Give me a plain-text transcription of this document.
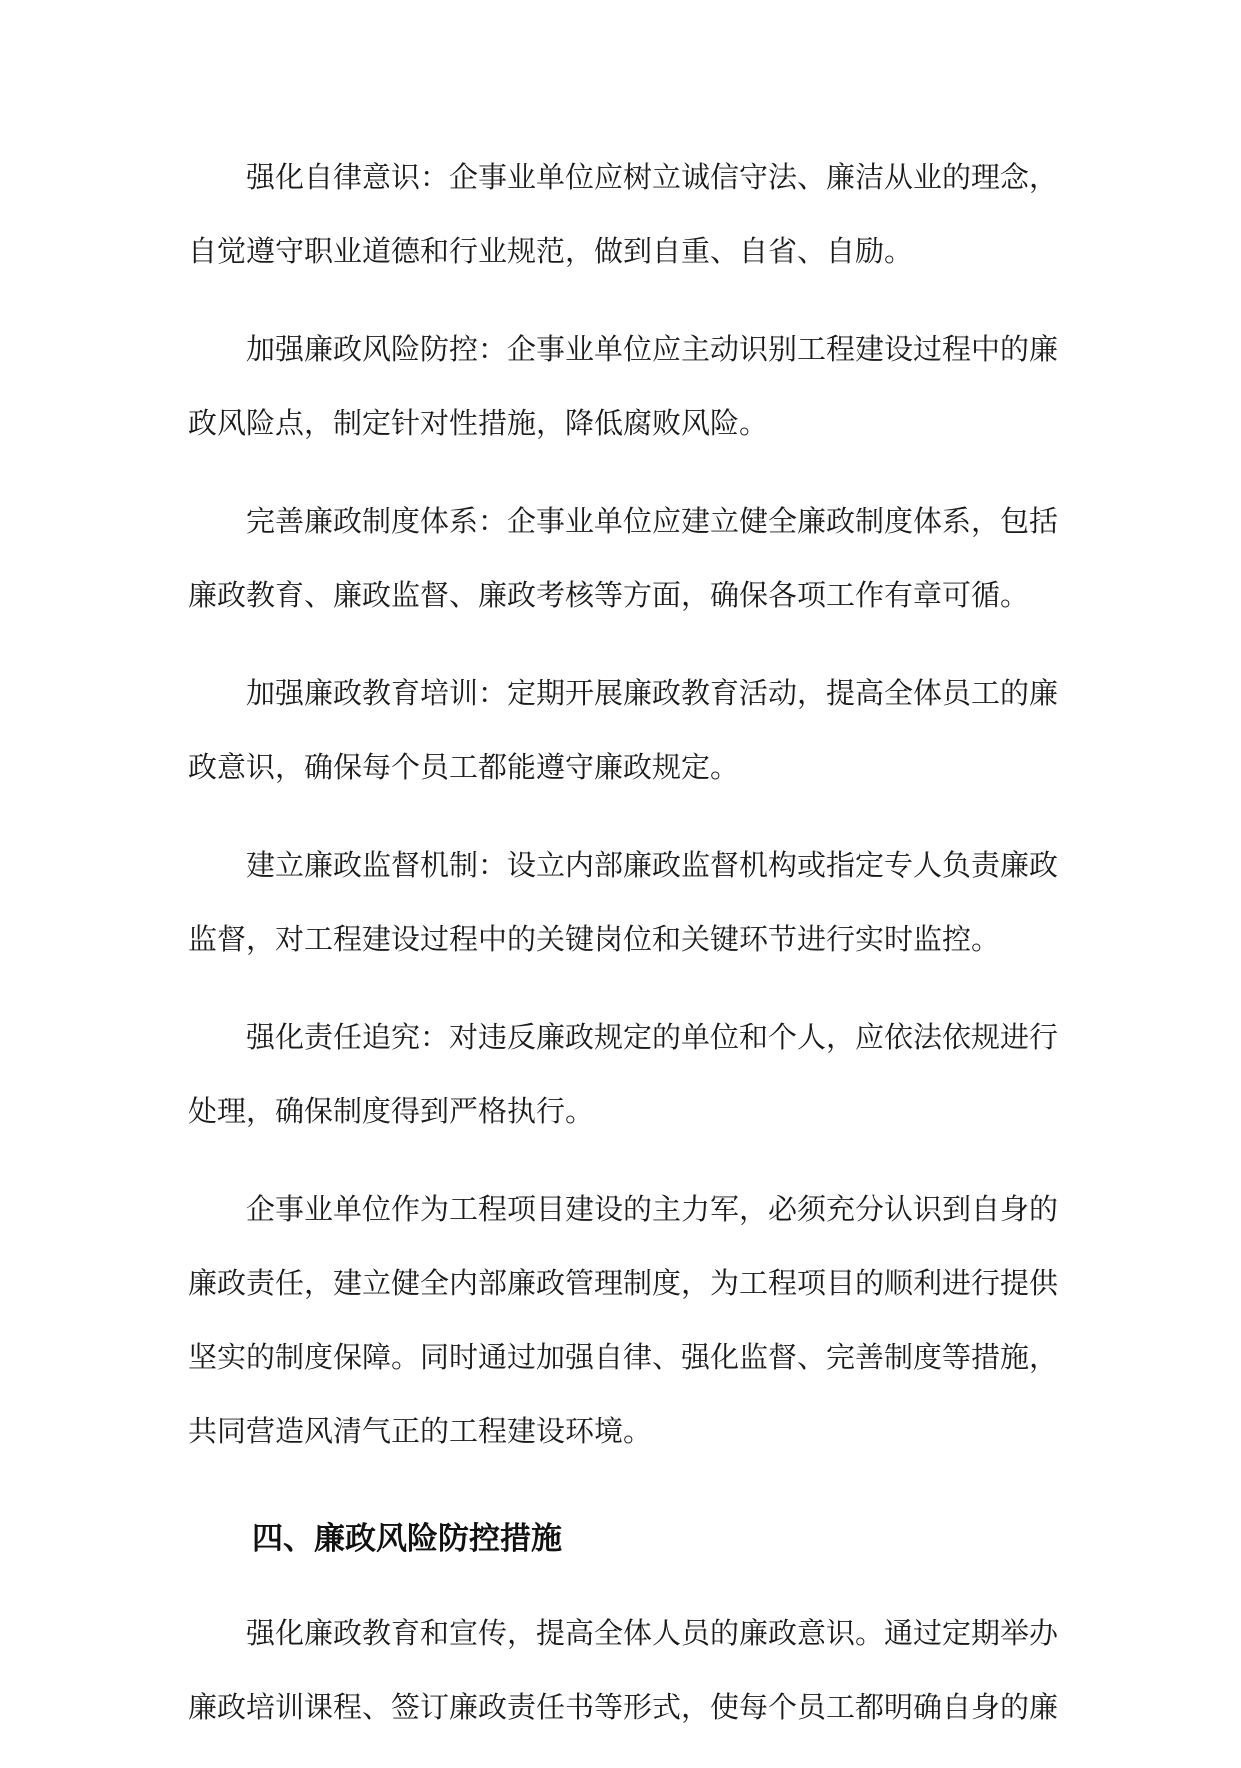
强化自律意识：企事业单位应树立诚信守法、廉洁从业的理念，自觉遵守职业道德和行业规范，做到自重、自省、自励。

加强廉政风险防控：企事业单位应主动识别工程建设过程中的廉政风险点，制定针对性措施，降低腐败风险。

完善廉政制度体系：企事业单位应建立健全廉政制度体系，包括廉政教育、廉政监督、廉政考核等方面，确保各项工作有章可循。

加强廉政教育培训：定期开展廉政教育活动，提高全体员工的廉政意识，确保每个员工都能遵守廉政规定。

建立廉政监督机制：设立内部廉政监督机构或指定专人负责廉政监督，对工程建设过程中的关键岗位和关键环节进行实时监控。

强化责任追究：对违反廉政规定的单位和个人，应依法依规进行处理，确保制度得到严格执行。

企事业单位作为工程项目建设的主力军，必须充分认识到自身的廉政责任，建立健全内部廉政管理制度，为工程项目的顺利进行提供坚实的制度保障。同时通过加强自律、强化监督、完善制度等措施，共同营造风清气正的工程建设环境。

四、廉政风险防控措施

强化廉政教育和宣传，提高全体人员的廉政意识。通过定期举办廉政培训课程、签订廉政责任书等形式，使每个员工都明确自身的廉
